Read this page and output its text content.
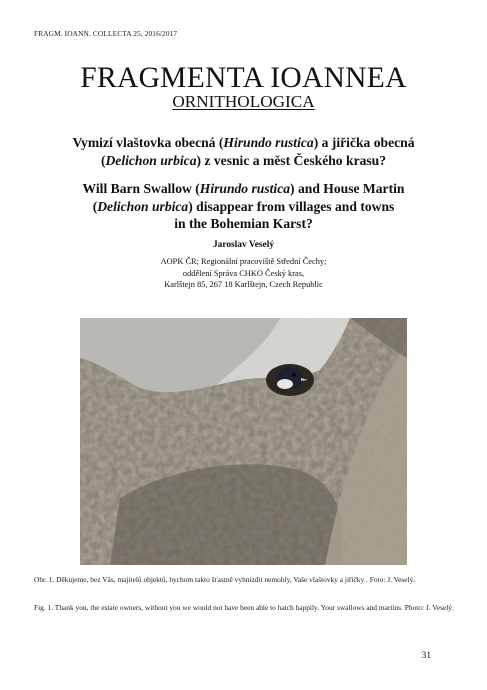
FRAGM. IOANN. COLLECTA 25, 2016/2017
FRAGMENTA IOANNEA
ORNITHOLOGICA
Vymizí vlaštovka obecná (Hirundo rustica) a jiřička obecná
(Delichon urbica) z vesnic a měst Českého krasu?
Will Barn Swallow (Hirundo rustica) and House Martin
(Delichon urbica) disappear from villages and towns
in the Bohemian Karst?
Jaroslav Veselý
AOPK ČR; Regionální pracoviště Střední Čechy;
oddělení Správa CHKO Český kras,
Karlštejn 85, 267 18 Karlštejn, Czech Republic
Obr. 1. Děkujeme, bez Vás, majitelů objektů, bychom takto šťastně vyhnízdit nemohly, Vaše vlaštovky a jiřičky . Foto: J. Veselý.
Fig. 1. Thank you, the estate owners, without you we would not have been able to hatch happily. Your swallows and martins. Photo: J. Veselý.
31
